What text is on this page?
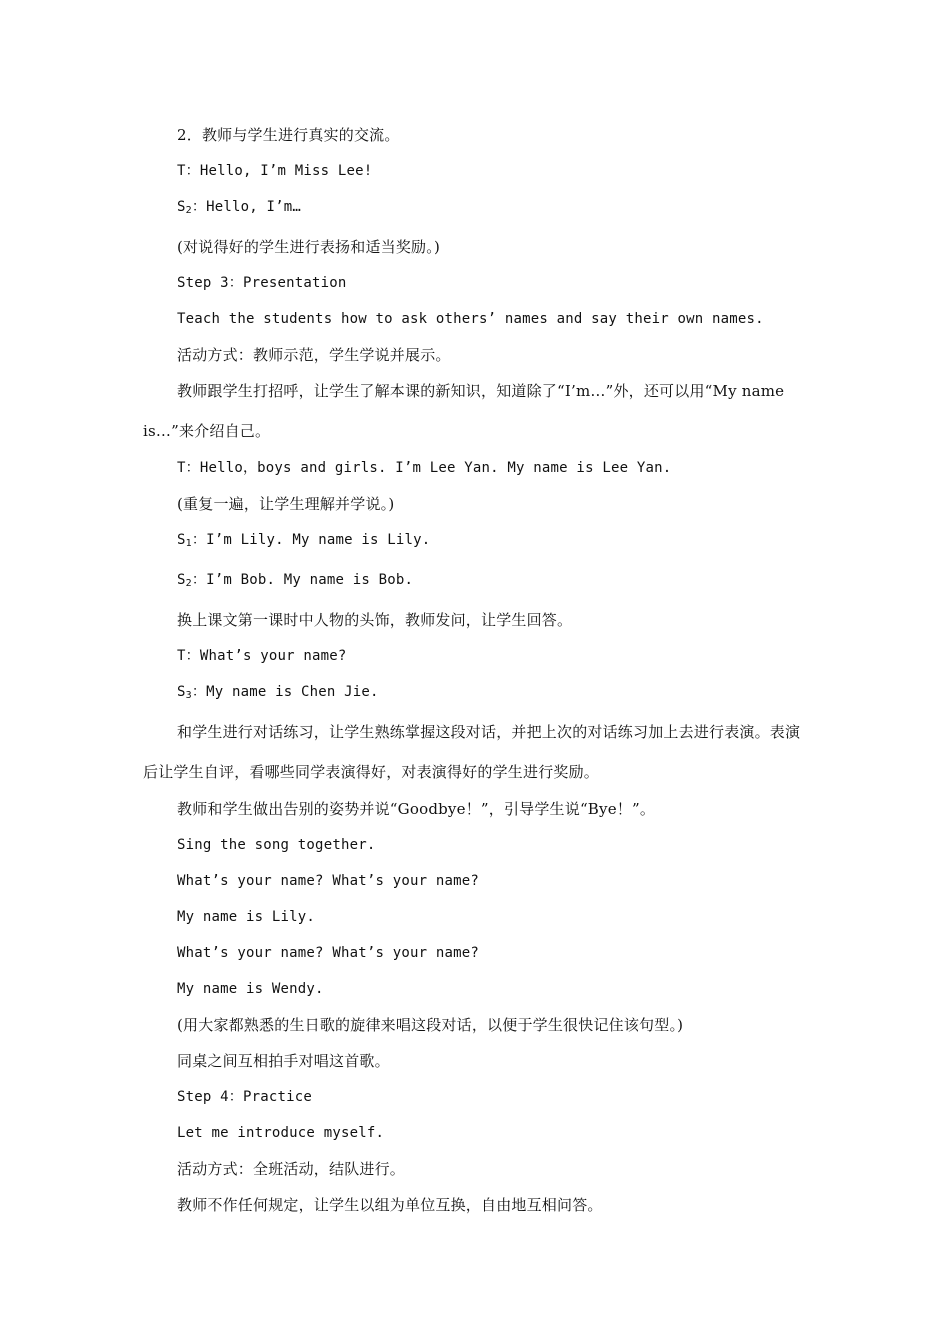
2．教师与学生进行真实的交流。

T：Hello, I’m Miss Lee!

$S_2$：Hello, I’m…

(对说得好的学生进行表扬和适当奖励。)

Step 3：Presentation

Teach the students how to ask others’ names and say their own names.

活动方式：教师示范，学生学说并展示。

教师跟学生打招呼，让学生了解本课的新知识，知道除了“I’m…”外，还可以用“My name is…”来介绍自己。

T：Hello，boys and girls. I’m Lee Yan. My name is Lee Yan.

(重复一遍，让学生理解并学说。)

$S_1$：I’m Lily. My name is Lily.

$S_2$：I’m Bob. My name is Bob.

换上课文第一课时中人物的头饰，教师发问，让学生回答。

T：What’s your name?

$S_3$：My name is Chen Jie.

和学生进行对话练习，让学生熟练掌握这段对话，并把上次的对话练习加上去进行表演。表演后让学生自评，看哪些同学表演得好，对表演得好的学生进行奖励。

教师和学生做出告别的姿势并说“Goodbye！”，引导学生说“Bye！”。

Sing the song together.

What’s your name? What’s your name?

My name is Lily.

What’s your name? What’s your name?

My name is Wendy.

(用大家都熟悉的生日歌的旋律来唱这段对话，以便于学生很快记住该句型。)

同桌之间互相拍手对唱这首歌。

Step 4：Practice

Let me introduce myself.

活动方式：全班活动，结队进行。

教师不作任何规定，让学生以组为单位互换，自由地互相问答。
